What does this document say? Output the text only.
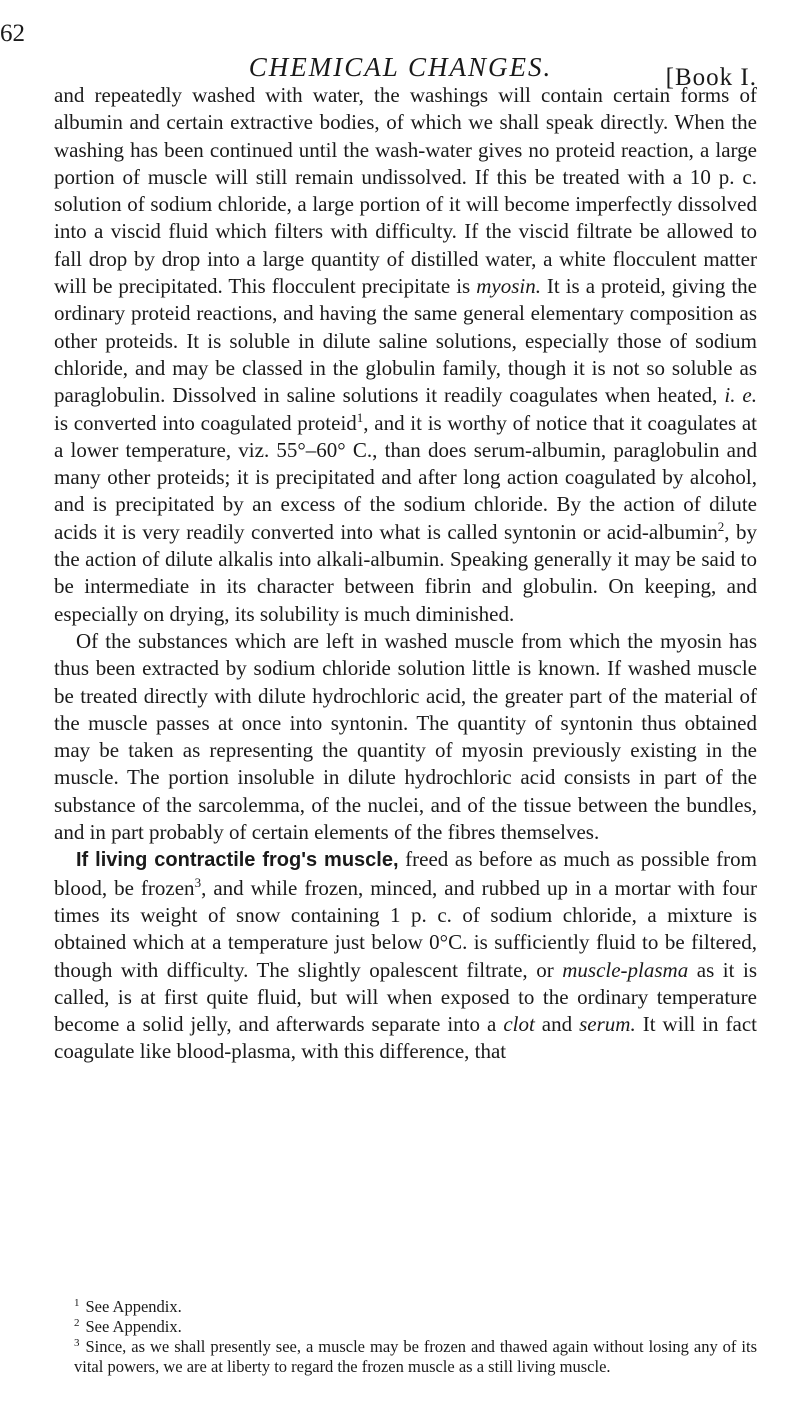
62
CHEMICAL CHANGES.	[Book I.

and repeatedly washed with water, the washings will contain certain forms of albumin and certain extractive bodies, of which we shall speak directly. When the washing has been continued until the wash-water gives no proteid reaction, a large portion of muscle will still remain undissolved. If this be treated with a 10 p. c. solution of sodium chloride, a large portion of it will become imperfectly dissolved into a viscid fluid which filters with difficulty. If the viscid filtrate be allowed to fall drop by drop into a large quantity of distilled water, a white flocculent matter will be precipitated. This flocculent precipitate is myosin. It is a proteid, giving the ordinary proteid reactions, and having the same general elementary composition as other proteids. It is soluble in dilute saline solutions, especially those of sodium chloride, and may be classed in the globulin family, though it is not so soluble as paraglobulin. Dissolved in saline solutions it readily coagulates when heated, i. e. is converted into coagulated proteid$^1$, and it is worthy of notice that it coagulates at a lower temperature, viz. 55°–60° C., than does serum-albumin, paraglobulin and many other proteids; it is precipitated and after long action coagulated by alcohol, and is precipitated by an excess of the sodium chloride. By the action of dilute acids it is very readily converted into what is called syntonin or acid-albumin$^2$, by the action of dilute alkalis into alkali-albumin. Speaking generally it may be said to be intermediate in its character between fibrin and globulin. On keeping, and especially on drying, its solubility is much diminished.

Of the substances which are left in washed muscle from which the myosin has thus been extracted by sodium chloride solution little is known. If washed muscle be treated directly with dilute hydrochloric acid, the greater part of the material of the muscle passes at once into syntonin. The quantity of syntonin thus obtained may be taken as representing the quantity of myosin previously existing in the muscle. The portion insoluble in dilute hydrochloric acid consists in part of the substance of the sarcolemma, of the nuclei, and of the tissue between the bundles, and in part probably of certain elements of the fibres themselves.

If living contractile frog's muscle, freed as before as much as possible from blood, be frozen$^3$, and while frozen, minced, and rubbed up in a mortar with four times its weight of snow containing 1 p. c. of sodium chloride, a mixture is obtained which at a temperature just below 0°C. is sufficiently fluid to be filtered, though with difficulty. The slightly opalescent filtrate, or muscle-plasma as it is called, is at first quite fluid, but will when exposed to the ordinary temperature become a solid jelly, and afterwards separate into a clot and serum. It will in fact coagulate like blood-plasma, with this difference, that

$^1$ See Appendix.
$^2$ See Appendix.
$^3$ Since, as we shall presently see, a muscle may be frozen and thawed again without losing any of its vital powers, we are at liberty to regard the frozen muscle as a still living muscle.
